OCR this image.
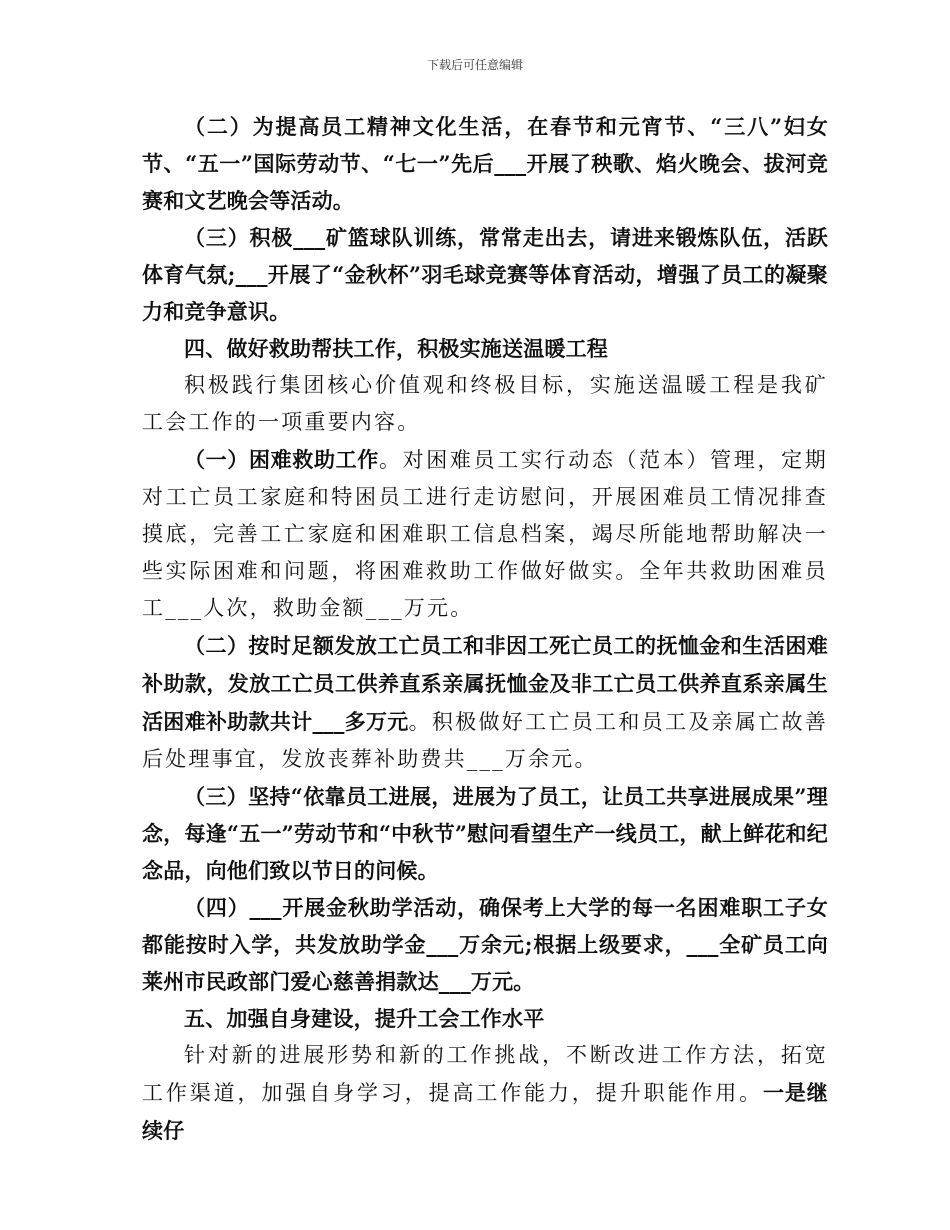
下载后可任意编辑

（二）为提高员工精神文化生活，在春节和元宵节、“三八”妇女节、“五一”国际劳动节、“七一”先后___开展了秧歌、焰火晚会、拔河竞赛和文艺晚会等活动。

（三）积极___矿篮球队训练，常常走出去，请进来锻炼队伍，活跃体育气氛;___开展了“金秋杯”羽毛球竞赛等体育活动，增强了员工的凝聚力和竞争意识。

四、做好救助帮扶工作，积极实施送温暖工程

积极践行集团核心价值观和终极目标，实施送温暖工程是我矿工会工作的一项重要内容。

（一）困难救助工作。对困难员工实行动态（范本）管理，定期对工亡员工家庭和特困员工进行走访慰问，开展困难员工情况排查摸底，完善工亡家庭和困难职工信息档案，竭尽所能地帮助解决一些实际困难和问题，将困难救助工作做好做实。全年共救助困难员工___人次，救助金额___万元。

（二）按时足额发放工亡员工和非因工死亡员工的抚恤金和生活困难补助款，发放工亡员工供养直系亲属抚恤金及非工亡员工供养直系亲属生活困难补助款共计___多万元。积极做好工亡员工和员工及亲属亡故善后处理事宜，发放丧葬补助费共___万余元。

（三）坚持“依靠员工进展，进展为了员工，让员工共享进展成果”理念，每逢“五一”劳动节和“中秋节”慰问看望生产一线员工，献上鲜花和纪念品，向他们致以节日的问候。

（四）___开展金秋助学活动，确保考上大学的每一名困难职工子女都能按时入学，共发放助学金___万余元;根据上级要求，___全矿员工向莱州市民政部门爱心慈善捐款达___万元。

五、加强自身建设，提升工会工作水平

针对新的进展形势和新的工作挑战，不断改进工作方法，拓宽工作渠道，加强自身学习，提高工作能力，提升职能作用。一是继续仔
